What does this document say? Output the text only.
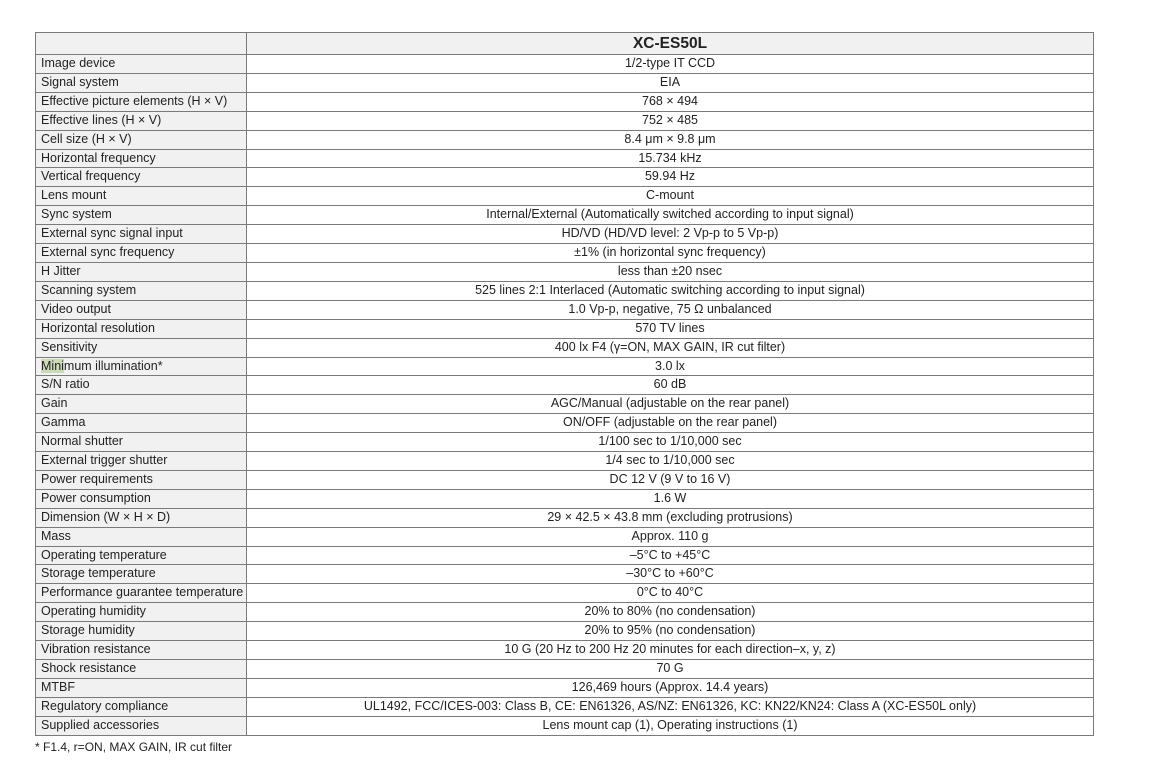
	XC-ES50L
Image device	1/2-type IT CCD
Signal system	EIA
Effective picture elements (H × V)	768 × 494
Effective lines (H × V)	752 × 485
Cell size (H × V)	8.4 μm × 9.8 μm
Horizontal frequency	15.734 kHz
Vertical frequency	59.94 Hz
Lens mount	C-mount
Sync system	Internal/External (Automatically switched according to input signal)
External sync signal input	HD/VD (HD/VD level: 2 Vp-p to 5 Vp-p)
External sync frequency	±1% (in horizontal sync frequency)
H Jitter	less than ±20 nsec
Scanning system	525 lines 2:1 Interlaced (Automatic switching according to input signal)
Video output	1.0 Vp-p, negative, 75 Ω unbalanced
Horizontal resolution	570 TV lines
Sensitivity	400 lx F4 (γ=ON, MAX GAIN, IR cut filter)
Minimum illumination*	3.0 lx
S/N ratio	60 dB
Gain	AGC/Manual (adjustable on the rear panel)
Gamma	ON/OFF (adjustable on the rear panel)
Normal shutter	1/100 sec to 1/10,000 sec
External trigger shutter	1/4 sec to 1/10,000 sec
Power requirements	DC 12 V (9 V to 16 V)
Power consumption	1.6 W
Dimension (W × H × D)	29 × 42.5 × 43.8 mm (excluding protrusions)
Mass	Approx. 110 g
Operating temperature	–5°C to +45°C
Storage temperature	–30°C to +60°C
Performance guarantee temperature	0°C to 40°C
Operating humidity	20% to 80% (no condensation)
Storage humidity	20% to 95% (no condensation)
Vibration resistance	10 G (20 Hz to 200 Hz 20 minutes for each direction–x, y, z)
Shock resistance	70 G
MTBF	126,469 hours (Approx. 14.4 years)
Regulatory compliance	UL1492, FCC/ICES-003: Class B, CE: EN61326, AS/NZ: EN61326, KC: KN22/KN24: Class A (XC-ES50L only)
Supplied accessories	Lens mount cap (1), Operating instructions (1)
* F1.4, r=ON, MAX GAIN, IR cut filter
